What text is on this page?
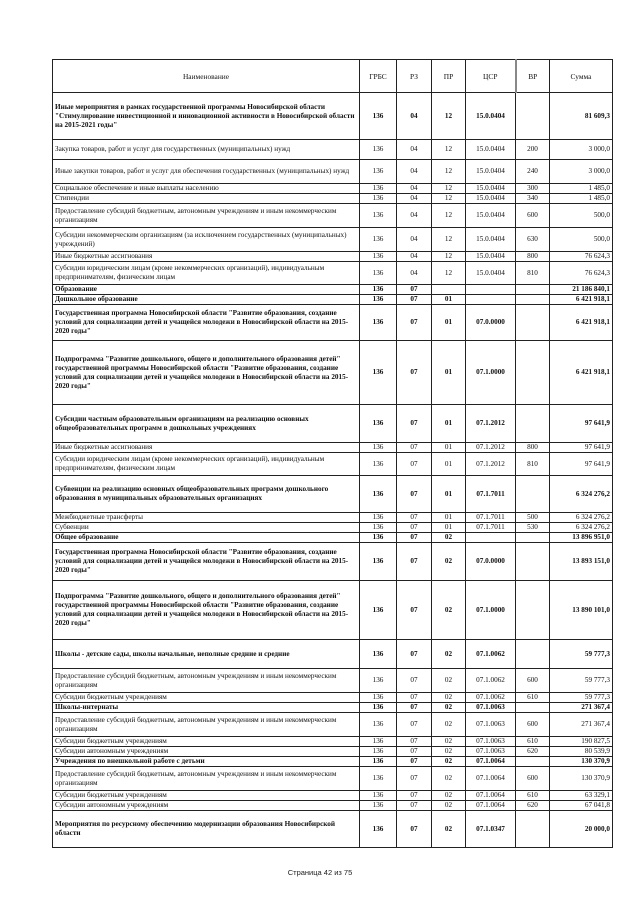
Наименование	ГРБС	РЗ	ПР	ЦСР	ВР	Сумма
Иные мероприятия в рамках государственной программы Новосибирской области "Стимулирование инвестиционной и инновационной активности в Новосибирской области на 2015-2021 годы"	136	04	12	15.0.0404		81 609,3
Закупка товаров, работ и услуг для государственных (муниципальных) нужд	136	04	12	15.0.0404	200	3 000,0
Иные закупки товаров, работ и услуг для обеспечения государственных (муниципальных) нужд	136	04	12	15.0.0404	240	3 000,0
Социальное обеспечение и иные выплаты населению	136	04	12	15.0.0404	300	1 485,0
Стипендии	136	04	12	15.0.0404	340	1 485,0
Предоставление субсидий бюджетным, автономным учреждениям и иным некоммерческим организациям	136	04	12	15.0.0404	600	500,0
Субсидии некоммерческим организациям (за исключением государственных (муниципальных) учреждений)	136	04	12	15.0.0404	630	500,0
Иные бюджетные ассигнования	136	04	12	15.0.0404	800	76 624,3
Субсидии юридическим лицам (кроме некоммерческих организаций), индивидуальным предпринимателям, физическим лицам	136	04	12	15.0.0404	810	76 624,3
Образование	136	07				21 186 840,1
Дошкольное образование	136	07	01			6 421 918,1
Государственная программа Новосибирской области "Развитие образования, создание условий для социализации детей и учащейся молодежи в Новосибирской области на 2015-2020 годы"	136	07	01	07.0.0000		6 421 918,1
Подпрограмма "Развитие дошкольного, общего и дополнительного образования детей" государственной программы Новосибирской области "Развитие образования, создание условий для социализации детей и учащейся молодежи в Новосибирской области на 2015-2020 годы"	136	07	01	07.1.0000		6 421 918,1
Субсидии частным образовательным организациям на реализацию основных общеобразовательных программ в дошкольных учреждениях	136	07	01	07.1.2012		97 641,9
Иные бюджетные ассигнования	136	07	01	07.1.2012	800	97 641,9
Субсидии юридическим лицам (кроме некоммерческих организаций), индивидуальным предпринимателям, физическим лицам	136	07	01	07.1.2012	810	97 641,9
Субвенции на реализацию основных общеобразовательных программ дошкольного образования в муниципальных образовательных организациях	136	07	01	07.1.7011		6 324 276,2
Межбюджетные трансферты	136	07	01	07.1.7011	500	6 324 276,2
Субвенции	136	07	01	07.1.7011	530	6 324 276,2
Общее образование	136	07	02			13 896 951,0
Государственная программа Новосибирской области "Развитие образования, создание условий для социализации детей и учащейся молодежи в Новосибирской области на 2015-2020 годы"	136	07	02	07.0.0000		13 893 151,0
Подпрограмма "Развитие дошкольного, общего и дополнительного образования детей" государственной программы Новосибирской области "Развитие образования, создание условий для социализации детей и учащейся молодежи в Новосибирской области на 2015-2020 годы"	136	07	02	07.1.0000		13 890 101,0
Школы - детские сады, школы начальные, неполные средние и средние	136	07	02	07.1.0062		59 777,3
Предоставление субсидий бюджетным, автономным учреждениям и иным некоммерческим организациям	136	07	02	07.1.0062	600	59 777,3
Субсидии бюджетным учреждениям	136	07	02	07.1.0062	610	59 777,3
Школы-интернаты	136	07	02	07.1.0063		271 367,4
Предоставление субсидий бюджетным, автономным учреждениям и иным некоммерческим организациям	136	07	02	07.1.0063	600	271 367,4
Субсидии бюджетным учреждениям	136	07	02	07.1.0063	610	190 827,5
Субсидии автономным учреждениям	136	07	02	07.1.0063	620	80 539,9
Учреждения по внешкольной работе с детьми	136	07	02	07.1.0064		130 370,9
Предоставление субсидий бюджетным, автономным учреждениям и иным некоммерческим организациям	136	07	02	07.1.0064	600	130 370,9
Субсидии бюджетным учреждениям	136	07	02	07.1.0064	610	63 329,1
Субсидии автономным учреждениям	136	07	02	07.1.0064	620	67 041,8
Мероприятия по ресурсному обеспечению модернизации образования Новосибирской области	136	07	02	07.1.0347		20 000,0
Страница 42 из 75
